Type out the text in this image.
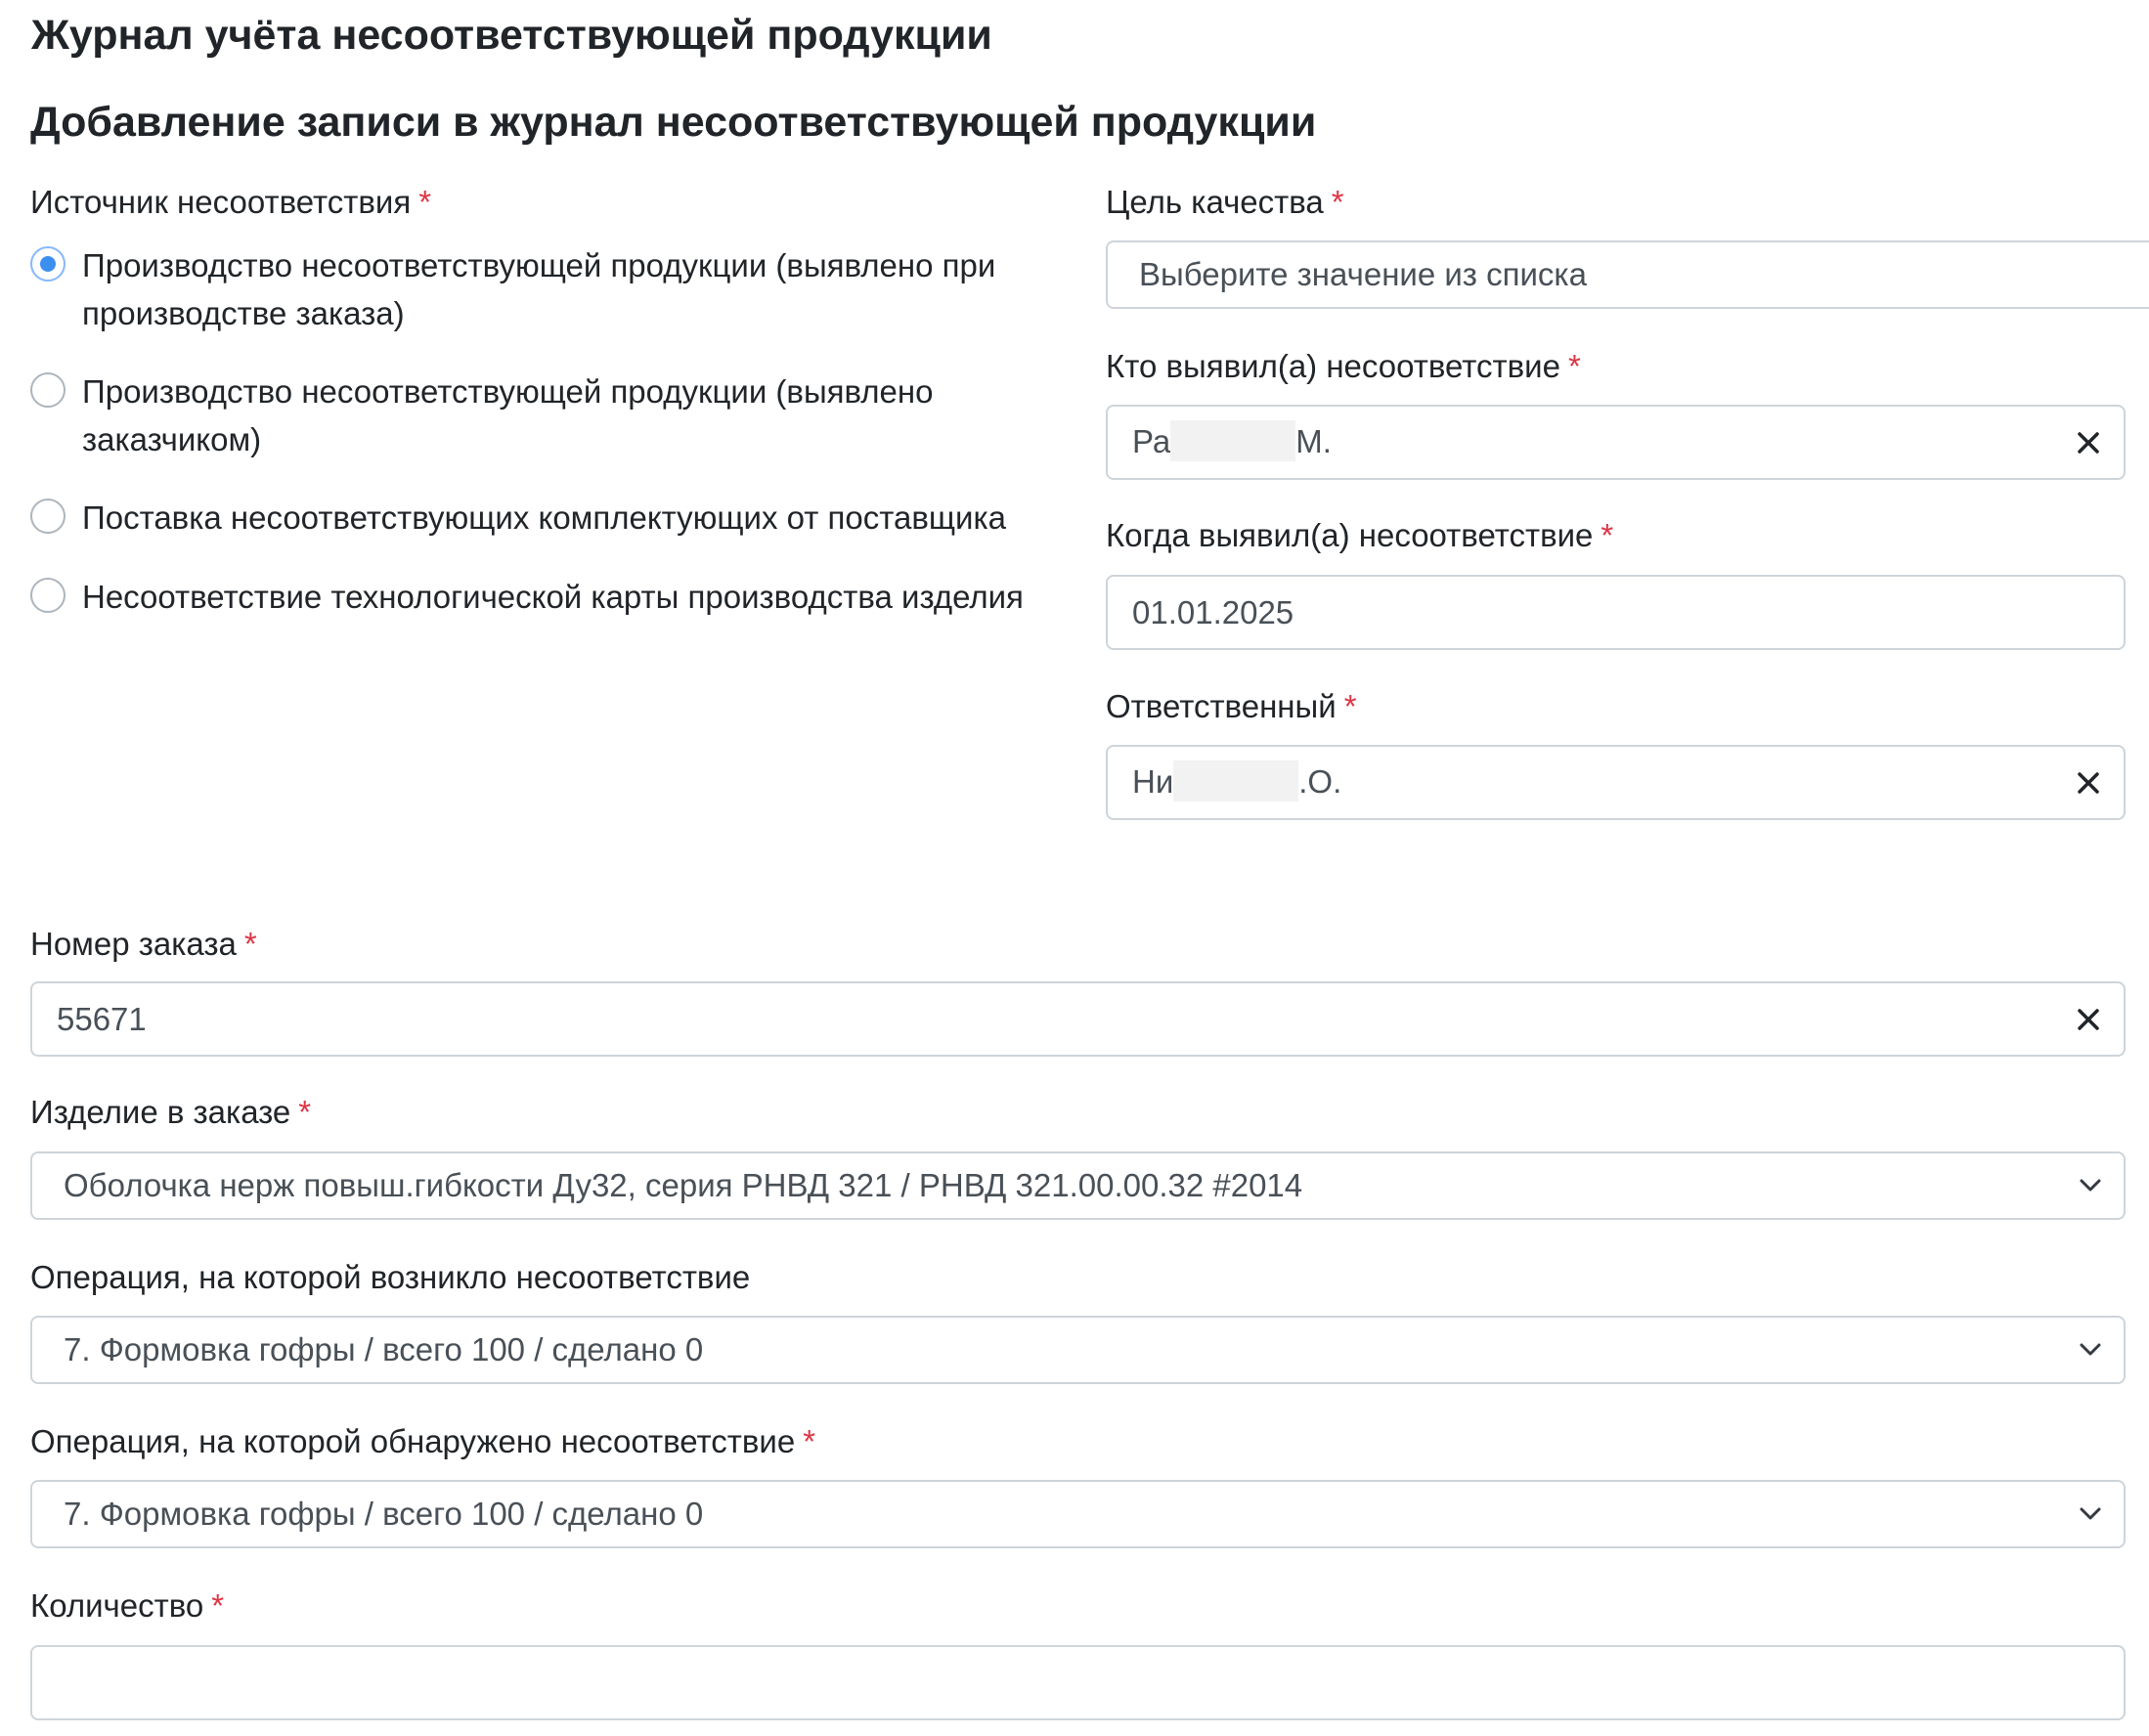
Журнал учёта несоответствующей продукции
Добавление записи в журнал несоответствующей продукции
Источник несоответствия *
Производство несоответствующей продукции (выявлено при производстве заказа)
Производство несоответствующей продукции (выявлено заказчиком)
Поставка несоответствующих комплектующих от поставщика
Несоответствие технологической карты производства изделия
Цель качества *
Выберите значение из списка
Кто выявил(а) несоответствие *
Ра	М.
Когда выявил(а) несоответствие *
01.01.2025
Ответственный *
Ни	.О.
Номер заказа *
55671
Изделие в заказе *
Оболочка нерж повыш.гибкости Ду32, серия РНВД 321 / РНВД 321.00.00.32 #2014
Операция, на которой возникло несоответствие
7. Формовка гофры / всего 100 / сделано 0
Операция, на которой обнаружено несоответствие *
7. Формовка гофры / всего 100 / сделано 0
Количество *
